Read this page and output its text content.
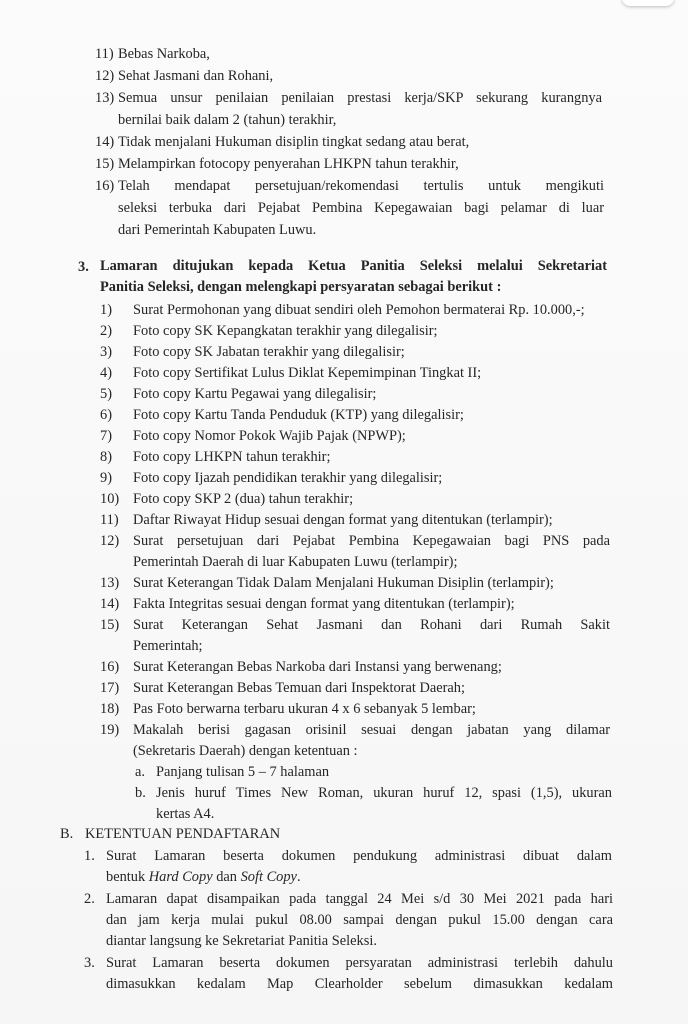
11) Bebas Narkoba,
12) Sehat Jasmani dan Rohani,
13) Semua unsur penilaian penilaian prestasi kerja/SKP sekurang kurangnya
bernilai baik dalam 2 (tahun) terakhir,
14) Tidak menjalani Hukuman disiplin tingkat sedang atau berat,
15) Melampirkan fotocopy penyerahan LHKPN tahun terakhir,
16) Telah mendapat persetujuan/rekomendasi tertulis untuk mengikuti
seleksi terbuka dari Pejabat Pembina Kepegawaian bagi pelamar di luar
dari Pemerintah Kabupaten Luwu.
3. Lamaran ditujukan kepada Ketua Panitia Seleksi melalui Sekretariat
Panitia Seleksi, dengan melengkapi persyaratan sebagai berikut :
1) Surat Permohonan yang dibuat sendiri oleh Pemohon bermaterai Rp. 10.000,-;
2) Foto copy SK Kepangkatan terakhir yang dilegalisir;
3) Foto copy SK Jabatan terakhir yang dilegalisir;
4) Foto copy Sertifikat Lulus Diklat Kepemimpinan Tingkat II;
5) Foto copy Kartu Pegawai yang dilegalisir;
6) Foto copy Kartu Tanda Penduduk (KTP) yang dilegalisir;
7) Foto copy Nomor Pokok Wajib Pajak (NPWP);
8) Foto copy LHKPN tahun terakhir;
9) Foto copy Ijazah pendidikan terakhir yang dilegalisir;
10) Foto copy SKP 2 (dua) tahun terakhir;
11) Daftar Riwayat Hidup sesuai dengan format yang ditentukan (terlampir);
12) Surat persetujuan dari Pejabat Pembina Kepegawaian bagi PNS pada
Pemerintah Daerah di luar Kabupaten Luwu (terlampir);
13) Surat Keterangan Tidak Dalam Menjalani Hukuman Disiplin (terlampir);
14) Fakta Integritas sesuai dengan format yang ditentukan (terlampir);
15) Surat Keterangan Sehat Jasmani dan Rohani dari Rumah Sakit
Pemerintah;
16) Surat Keterangan Bebas Narkoba dari Instansi yang berwenang;
17) Surat Keterangan Bebas Temuan dari Inspektorat Daerah;
18) Pas Foto berwarna terbaru ukuran 4 x 6 sebanyak 5 lembar;
19) Makalah berisi gagasan orisinil sesuai dengan jabatan yang dilamar
(Sekretaris Daerah) dengan ketentuan :
a. Panjang tulisan 5 – 7 halaman
b. Jenis huruf Times New Roman, ukuran huruf 12, spasi (1,5), ukuran
kertas A4.
B. KETENTUAN PENDAFTARAN
1. Surat Lamaran beserta dokumen pendukung administrasi dibuat dalam
bentuk Hard Copy dan Soft Copy.
2. Lamaran dapat disampaikan pada tanggal 24 Mei s/d 30 Mei 2021 pada hari
dan jam kerja mulai pukul 08.00 sampai dengan pukul 15.00 dengan cara
diantar langsung ke Sekretariat Panitia Seleksi.
3. Surat Lamaran beserta dokumen persyaratan administrasi terlebih dahulu
dimasukkan kedalam Map Clearholder sebelum dimasukkan kedalam
